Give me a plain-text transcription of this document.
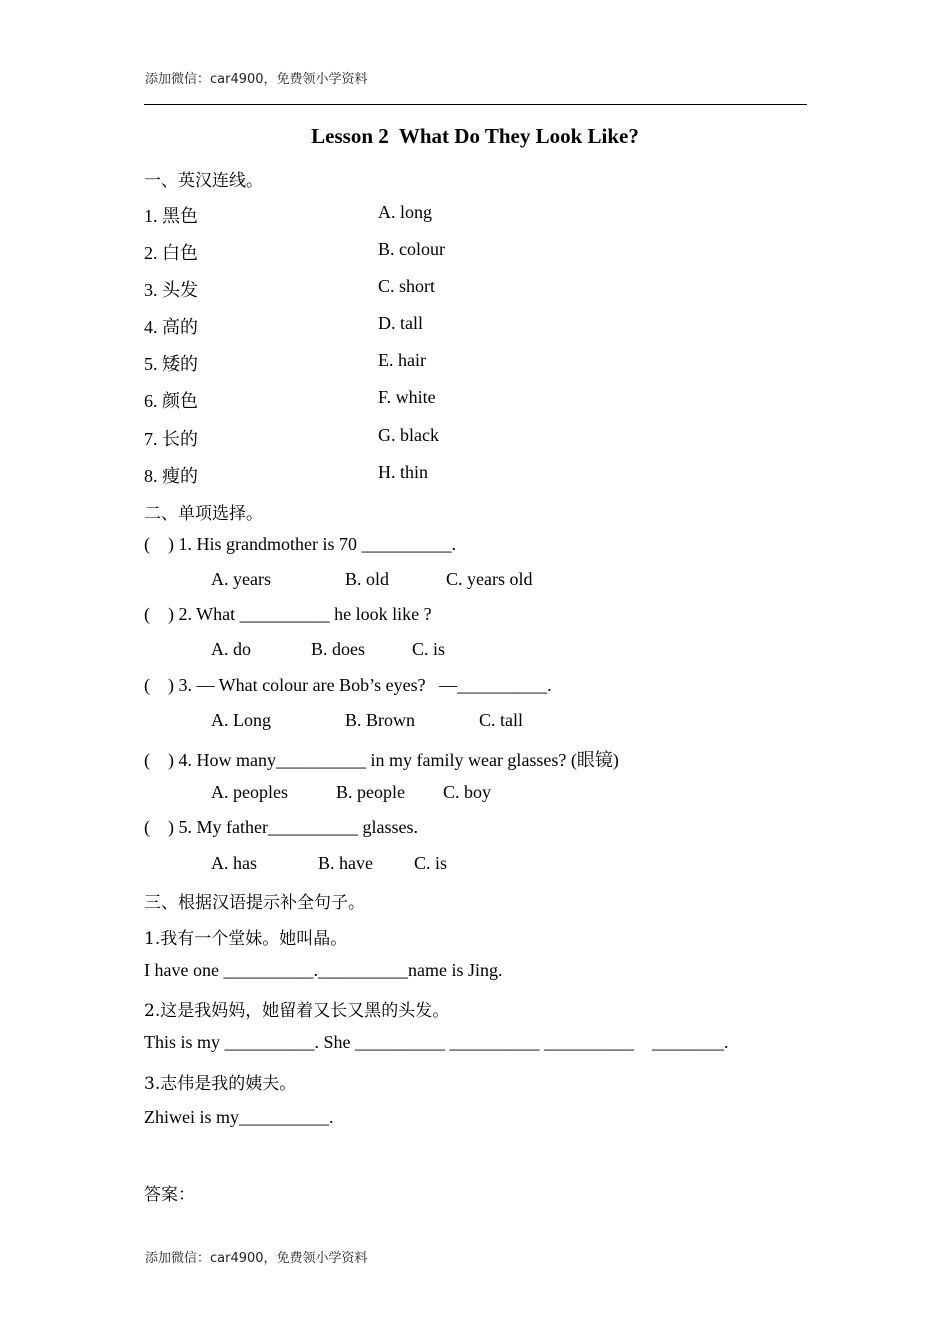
添加微信：car4900，免费领小学资料
Lesson 2  What Do They Look Like?
一、英汉连线。
1. 黑色	A. long
2. 白色	B. colour
3. 头发	C. short
4. 高的	D. tall
5. 矮的	E. hair
6. 颜色	F. white
7. 长的	G. black
8. 瘦的	H. thin
二、单项选择。
(    ) 1. His grandmother is 70 __________.
A. years	B. old	C. years old
(    ) 2. What __________ he look like ?
A. do	B. does	C. is
(    ) 3. — What colour are Bob’s eyes?   —__________.
A. Long	B. Brown	C. tall
(    ) 4. How many__________ in my family wear glasses? (眼镜)
A. peoples	B. people C. boy
(    ) 5. My father__________ glasses.
A. has	B. have C. is
三、根据汉语提示补全句子。
1.我有一个堂妹。她叫晶。
I have one __________.__________name is Jing.
2.这是我妈妈，她留着又长又黑的头发。
This is my __________. She __________ __________ __________    ________.
3.志伟是我的姨夫。
Zhiwei is my__________.
答案：
添加微信：car4900，免费领小学资料
